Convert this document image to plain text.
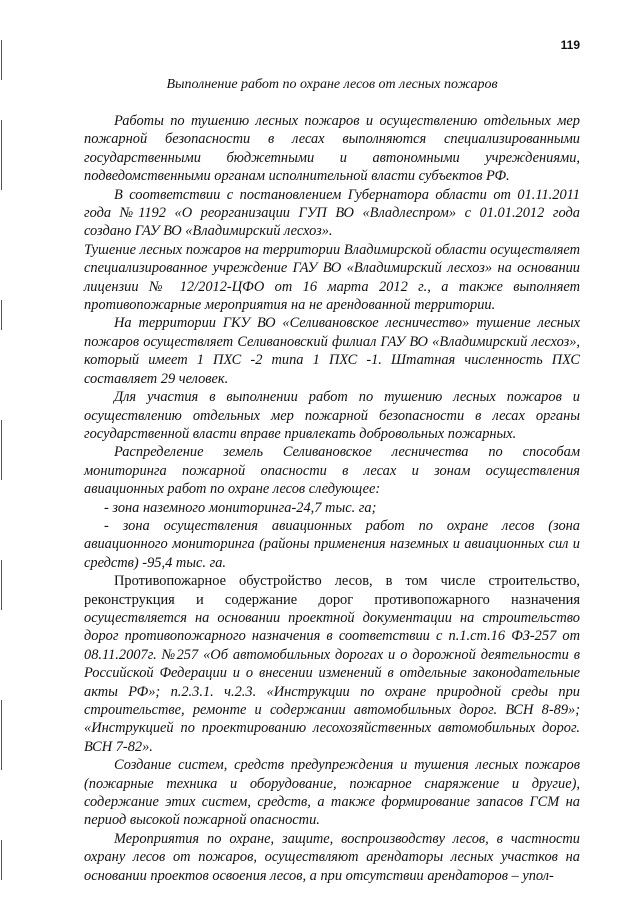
119
Выполнение работ по охране лесов от лесных пожаров

Работы по тушению лесных пожаров и осуществлению отдельных мер пожарной безопасности в лесах выполняются специализированными государственными бюджетными и автономными учреждениями, подведомственными органам исполнительной власти субъектов РФ.

В соответствии с постановлением Губернатора области от 01.11.2011 года №1192 «О реорганизации ГУП ВО «Владлеспром» с 01.01.2012 года создано ГАУ ВО «Владимирский лесхоз».

Тушение лесных пожаров на территории Владимирской области осуществляет специализированное учреждение ГАУ ВО «Владимирский лесхоз» на основании лицензии № 12/2012-ЦФО от 16 марта 2012 г., а также выполняет противопожарные мероприятия на не арендованной территории.

На территории ГКУ ВО «Селивановское лесничество» тушение лесных пожаров осуществляет Селивановский филиал ГАУ ВО «Владимирский лесхоз», который имеет 1 ПХС -2 типа 1 ПХС -1. Штатная численность ПХС составляет 29 человек.

Для участия в выполнении работ по тушению лесных пожаров и осуществлению отдельных мер пожарной безопасности в лесах органы государственной власти вправе привлекать добровольных пожарных.

Распределение земель Селивановское лесничества по способам мониторинга пожарной опасности в лесах и зонам осуществления авиационных работ по охране лесов следующее:

- зона наземного мониторинга-24,7 тыс. га;

- зона осуществления авиационных работ по охране лесов (зона авиационного мониторинга (районы применения наземных и авиационных сил и средств) -95,4 тыс. га.

Противопожарное обустройство лесов, в том числе строительство, реконструкция и содержание дорог противопожарного назначения осуществляется на основании проектной документации на строительство дорог противопожарного назначения в соответствии с п.1.ст.16 ФЗ-257 от 08.11.2007г. №257 «Об автомобильных дорогах и о дорожной деятельности в Российской Федерации и о внесении изменений в отдельные законодательные акты РФ»; п.2.3.1. ч.2.3. «Инструкции по охране природной среды при строительстве, ремонте и содержании автомобильных дорог. ВСН 8-89»; «Инструкцией по проектированию лесохозяйственных автомобильных дорог. ВСН 7-82».

Создание систем, средств предупреждения и тушения лесных пожаров (пожарные техника и оборудование, пожарное снаряжение и другие), содержание этих систем, средств, а также формирование запасов ГСМ на период высокой пожарной опасности.

Мероприятия по охране, защите, воспроизводству лесов, в частности охрану лесов от пожаров, осуществляют арендаторы лесных участков на основании проектов освоения лесов, а при отсутствии арендаторов – упол-
